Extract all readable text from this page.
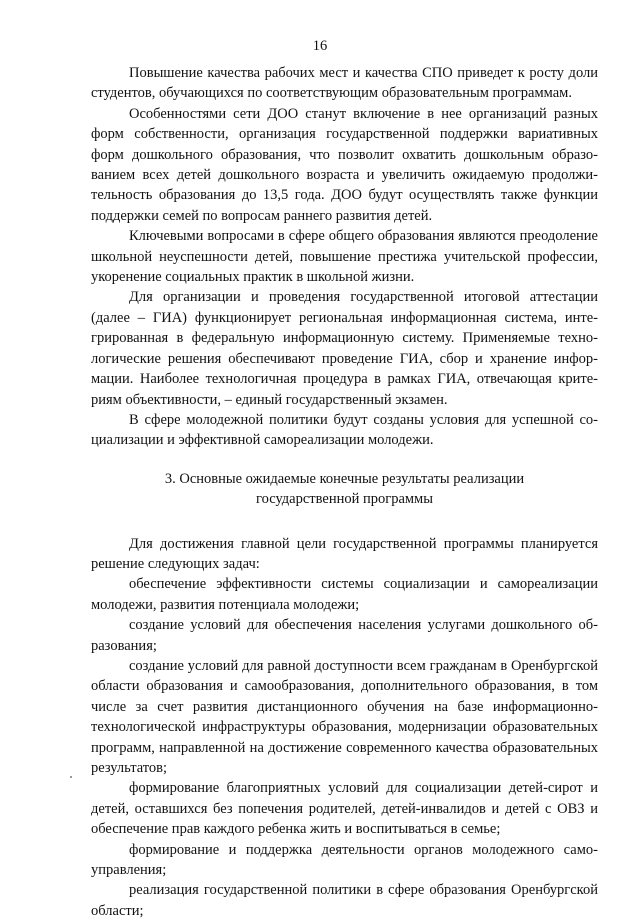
16

Повышение качества рабочих мест и качества СПО приведет к росту доли студентов, обучающихся по соответствующим образовательным программам.

Особенностями сети ДОО станут включение в нее организаций разных форм собственности, организация государственной поддержки вариативных форм дошкольного образования, что позволит охватить дошкольным образованием всех детей дошкольного возраста и увеличить ожидаемую продолжительность образования до 13,5 года. ДОО будут осуществлять также функции поддержки семей по вопросам раннего развития детей.

Ключевыми вопросами в сфере общего образования являются преодоление школьной неуспешности детей, повышение престижа учительской профессии, укоренение социальных практик в школьной жизни.

Для организации и проведения государственной итоговой аттестации (далее – ГИА) функционирует региональная информационная система, интегрированная в федеральную информационную систему. Применяемые технологические решения обеспечивают проведение ГИА, сбор и хранение информации. Наиболее технологичная процедура в рамках ГИА, отвечающая критериям объективности, – единый государственный экзамен.

В сфере молодежной политики будут созданы условия для успешной социализации и эффективной самореализации молодежи.

3. Основные ожидаемые конечные результаты реализации
государственной программы

Для достижения главной цели государственной программы планируется решение следующих задач:

обеспечение эффективности системы социализации и самореализации молодежи, развития потенциала молодежи;

создание условий для обеспечения населения услугами дошкольного образования;

создание условий для равной доступности всем гражданам в Оренбургской области образования и самообразования, дополнительного образования, в том числе за счет развития дистанционного обучения на базе информационно-технологической инфраструктуры образования, модернизации образовательных программ, направленной на достижение современного качества образовательных результатов;

формирование благоприятных условий для социализации детей-сирот и детей, оставшихся без попечения родителей, детей-инвалидов и детей с ОВЗ и обеспечение прав каждого ребенка жить и воспитываться в семье;

формирование и поддержка деятельности органов молодежного самоуправления;

реализация государственной политики в сфере образования Оренбургской области;
